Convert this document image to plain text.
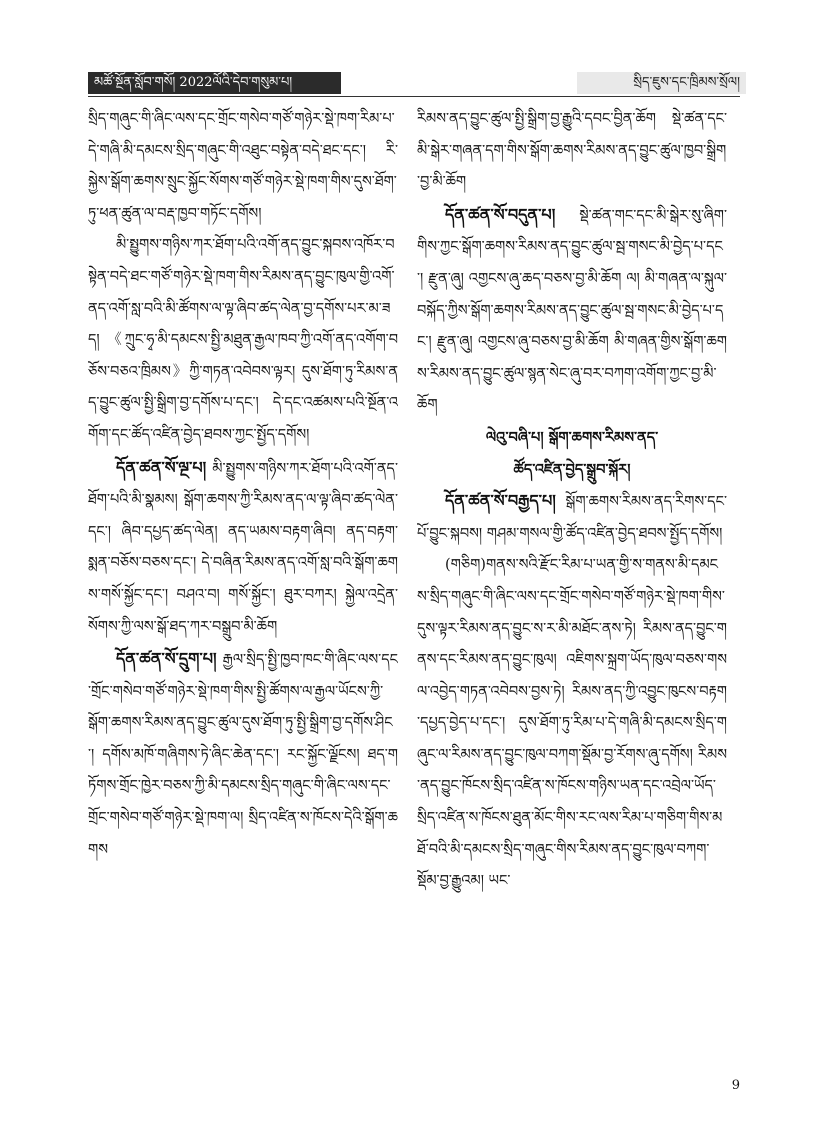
མཚོ་སྔོན་སློབ་གསོ། 2022ལོའི་དེབ་གསུམ་པ།	སྲིད་ཇུས་དང་ཁྲིམས་སྲོལ།

སྲིད་གཞུང་གི་ཞིང་ལས་དང་གྲོང་གསེབ་གཙོ་གཉེར་སྡེ་ཁག་རིམ་པ་དེ་གཞི་མི་དམངས་སྲིད་གཞུང་གི་འཐུང་བསྟེན་བདེ་ཐང་དང་། རི་སྐྱེས་སྒོག་ཆགས་སྲུང་སྐྱོང་སོགས་གཙོ་གཉེར་སྡེ་ཁག་གིས་དུས་ཐོག་ཏུ་ཕན་ཚུན་ལ་བརྡ་ཁྱབ་གཏོང་དགོས།

མི་སྤྱུགས་གཉིས་ཀར་ཐོག་པའི་འགོ་ནད་བྱུང་སྐབས་འཁོར་བསྟེན་བདེ་ཐང་གཙོ་གཉེར་སྡེ་ཁག་གིས་རིམས་ནད་བྱུང་ཁུལ་གྱི་འགོ་ནད་འགོ་སླ་བའི་མི་ཚོགས་ལ་ལྟ་ཞིབ་ཚད་ལེན་བྱ་དགོས་པར་མ་ཟད། 《ཀྲུང་ཧྭ་མི་དམངས་སྤྱི་མཐུན་རྒྱལ་ཁབ་ཀྱི་འགོ་ནད་འགོག་བཅོས་བཅའ་ཁྲིམས》ཀྱི་གཏན་འབེབས་ལྟར། དུས་ཐོག་ཏུ་རིམས་ནད་བྱུང་ཚུལ་སྤྱི་སྒྲིག་བྱ་དགོས་པ་དང་། དེ་དང་འཚམས་པའི་སྔོན་འགོག་དང་ཚོད་འཛིན་བྱེད་ཐབས་ཀྱང་སྤྱོད་དགོས།

དོན་ཚན་སོ་ལྔ་པ། མི་སྤྱུགས་གཉིས་ཀར་ཐོག་པའི་འགོ་ནད་ཐོག་པའི་མི་སྣམས། སྒོག་ཆགས་ཀྱི་རིམས་ནད་ལ་ལྟ་ཞིབ་ཚད་ལེན་དང་། ཞིབ་དཔྱད་ཚད་ལེན། ནད་ཡམས་བརྟག་ཞིབ། ནད་བརྟག་སྨན་བཅོས་བཅས་དང་། དེ་བཞིན་རིམས་ནད་འགོ་སླ་བའི་སྒོག་ཆགས་གསོ་སྐྱོང་དང་། བཤའ་བ། གསོ་སྐྱོང་། ཐུར་བཀར། སྐྱེལ་འདྲེན་སོགས་ཀྱི་ལས་སྒོ་ཐད་ཀར་བསྒྲུབ་མི་ཆོག

དོན་ཚན་སོ་དྲུག་པ། རྒྱལ་སྲིད་སྤྱི་ཁྱབ་ཁང་གི་ཞིང་ལས་དང་གྲོང་གསེབ་གཙོ་གཉེར་སྡེ་ཁག་གིས་སྤྱི་ཚོགས་ལ་རྒྱལ་ཡོངས་ཀྱི་སྒོག་ཆགས་རིམས་ནད་བྱུང་ཚུལ་དུས་ཐོག་ཏུ་སྤྱི་སྒྲིག་བྱ་དགོས་ཤིང་། དགོས་མཁོ་གཞིགས་ཏེ་ཞིང་ཆེན་དང་། རང་སྐྱོང་ལྗོངས། ཐད་གཏོགས་གྲོང་ཁྱེར་བཅས་ཀྱི་མི་དམངས་སྲིད་གཞུང་གི་ཞིང་ལས་དང་གྲོང་གསེབ་གཙོ་གཉེར་སྡེ་ཁག་ལ། སྲིད་འཛིན་ས་ཁོངས་དེའི་སྒོག་ཆགས

རིམས་ནད་བྱུང་ཚུལ་སྤྱི་སྒྲིག་བྱ་རྒྱུའི་དབང་བྱིན་ཆོག སྡེ་ཚན་དང་མི་སྒེར་གཞན་དག་གིས་སྒོག་ཆགས་རིམས་ནད་བྱུང་ཚུལ་ཁྱབ་སྒྲིག་བྱ་མི་ཆོག

དོན་ཚན་སོ་བདུན་པ། སྡེ་ཚན་གང་དང་མི་སྒེར་སུ་ཞིག་གིས་ཀྱང་སྒོག་ཆགས་རིམས་ནད་བྱུང་ཚུལ་སྦ་གསང་མི་བྱེད་པ་དང་། རྫུན་ཞུ། འགྱངས་ཞུ་ཆད་བཅས་བྱ་མི་ཆོག ལ། མི་གཞན་ལ་སྐུལ་བསྐོད་ཀྱིས་སྒོག་ཆགས་རིམས་ནད་བྱུང་ཚུལ་སྦ་གསང་མི་བྱེད་པ་དང་། རྫུན་ཞུ། འགྱངས་ཞུ་བཅས་བྱ་མི་ཆོག མི་གཞན་གྱིས་སྒོག་ཆགས་རིམས་ནད་བྱུང་ཚུལ་སྙན་སེང་ཞུ་བར་བཀག་འགོག་ཀྱང་བྱ་མི་ཆོག

ལེའུ་བཞི་པ། སྒོག་ཆགས་རིམས་ནད་

ཚོད་འཛིན་བྱེད་སྒྲུབ་སྐོར།

དོན་ཚན་སོ་བརྒྱད་པ། སྒོག་ཆགས་རིམས་ནད་རིགས་དང་པོ་བྱུང་སྐབས། གཤམ་གསལ་གྱི་ཚོད་འཛིན་བྱེད་ཐབས་སྤྱོད་དགོས།

(གཅིག)གནས་སའི་རྫོང་རིམ་པ་ཡན་གྱི་ས་གནས་མི་དམངས་སྲིད་གཞུང་གི་ཞིང་ལས་དང་གྲོང་གསེབ་གཙོ་གཉེར་སྡེ་ཁག་གིས་དུས་ལྟར་རིམས་ནད་བྱུང་ས་ར་མི་མཐོང་ནས་ཏེ། རིམས་ནད་བྱུང་གནས་དང་རིམས་ནད་བྱུང་ཁུལ། འཇིགས་སྐྲག་ཡོད་ཁུལ་བཅས་གསལ་འབྱེད་གཏན་འབེབས་བྱས་ཏེ། རིམས་ནད་ཀྱི་འབྱུང་ཁུངས་བརྟག་དཔྱད་བྱེད་པ་དང་། དུས་ཐོག་ཏུ་རིམ་པ་དེ་གཞི་མི་དམངས་སྲིད་གཞུང་ལ་རིམས་ནད་བྱུང་ཁུལ་བཀག་སྡོམ་བྱ་རོགས་ཞུ་དགོས། རིམས་ནད་བྱུང་ཁོངས་སྲིད་འཛིན་ས་ཁོངས་གཉིས་ཡན་དང་འབྲེལ་ཡོད་སྲིད་འཛིན་ས་ཁོངས་ཐུན་མོང་གིས་རང་ལས་རིམ་པ་གཅིག་གིས་མཐོ་བའི་མི་དམངས་སྲིད་གཞུང་གིས་རིམས་ནད་བྱུང་ཁུལ་བཀག་སྡོམ་བྱ་རྒྱུའམ། ཡང་

9
